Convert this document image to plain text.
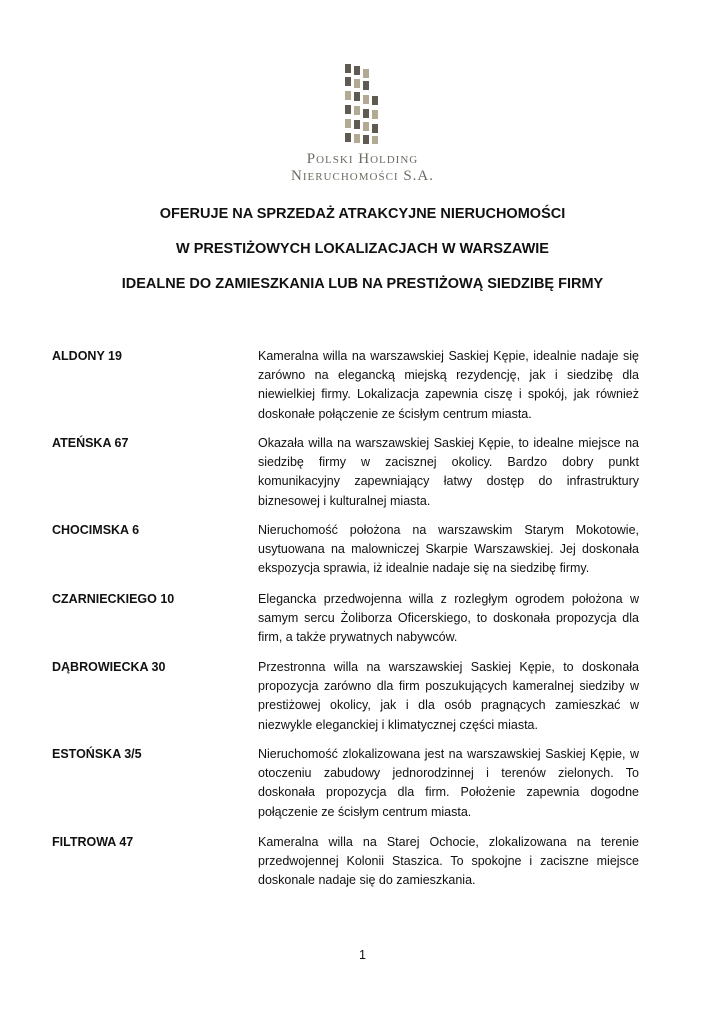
Polski Holding
Nieruchomości S.A.
OFERUJE NA SPRZEDAŻ ATRAKCYJNE NIERUCHOMOŚCI
W PRESTIŻOWYCH LOKALIZACJACH W WARSZAWIE
IDEALNE DO ZAMIESZKANIA LUB NA PRESTIŻOWĄ SIEDZIBĘ FIRMY
ALDONY 19	Kameralna willa na warszawskiej Saskiej Kępie, idealnie nadaje się zarówno na elegancką miejską rezydencję, jak i siedzibę dla niewielkiej firmy. Lokalizacja zapewnia ciszę i spokój, jak również doskonałe połączenie ze ścisłym centrum miasta.
ATEŃSKA 67	Okazała willa na warszawskiej Saskiej Kępie, to idealne miejsce na siedzibę firmy w zacisznej okolicy. Bardzo dobry punkt komunikacyjny zapewniający łatwy dostęp do infrastruktury biznesowej i kulturalnej miasta.
CHOCIMSKA 6	Nieruchomość położona na warszawskim Starym Mokotowie, usytuowana na malowniczej Skarpie Warszawskiej. Jej doskonała ekspozycja sprawia, iż idealnie nadaje się na siedzibę firmy.
CZARNIECKIEGO 10	Elegancka przedwojenna willa z rozległym ogrodem położona w samym sercu Żoliborza Oficerskiego, to doskonała propozycja dla firm, a także prywatnych nabywców.
DĄBROWIECKA 30	Przestronna willa na warszawskiej Saskiej Kępie, to doskonała propozycja zarówno dla firm poszukujących kameralnej siedziby w prestiżowej okolicy, jak i dla osób pragnących zamieszkać w niezwykle eleganckiej i klimatycznej części miasta.
ESTOŃSKA 3/5	Nieruchomość zlokalizowana jest na warszawskiej Saskiej Kępie, w otoczeniu zabudowy jednorodzinnej i terenów zielonych. To doskonała propozycja dla firm. Położenie zapewnia dogodne połączenie ze ścisłym centrum miasta.
FILTROWA 47	Kameralna willa na Starej Ochocie, zlokalizowana na terenie przedwojennej Kolonii Staszica. To spokojne i zaciszne miejsce doskonale nadaje się do zamieszkania.
1
